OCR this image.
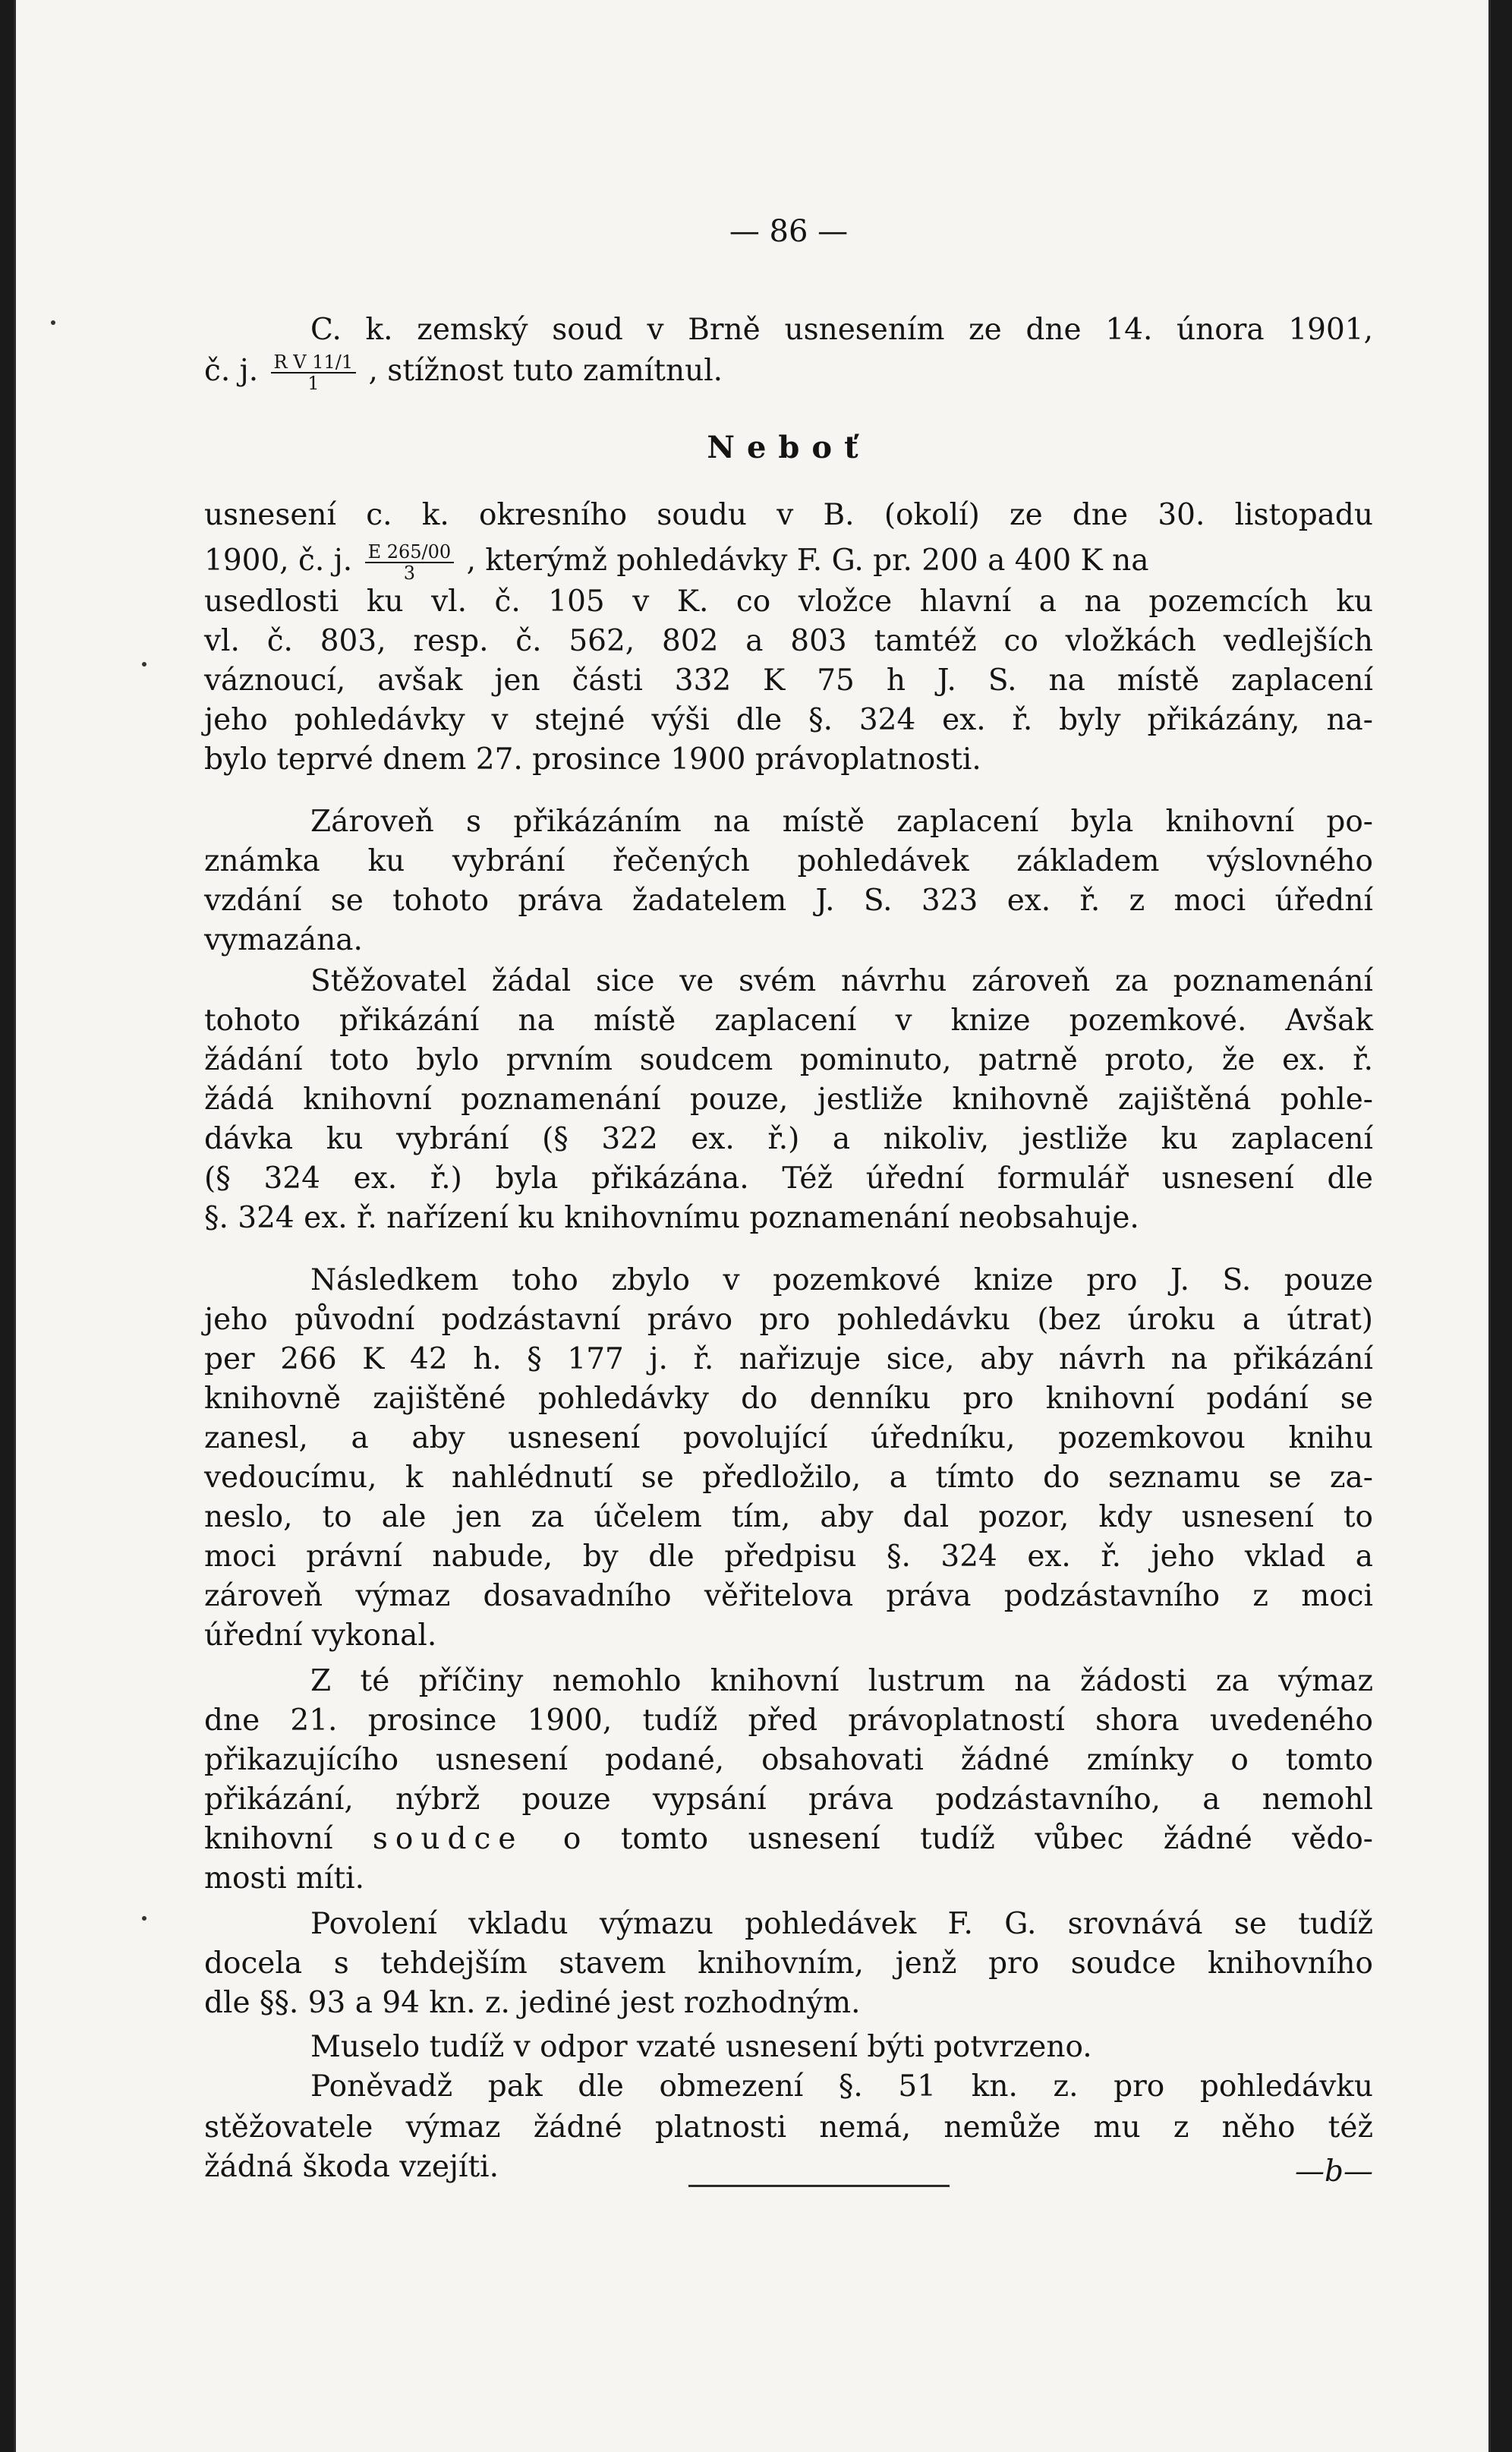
— 86 —
C. k. zemský soud v Brně usnesením ze dne 14. února 1901,
č. j. $\frac{\text{R V 11/1}}{1}$ , stížnost tuto zamítnul.
Neboť
usnesení c. k. okresního soudu v B. (okolí) ze dne 30. listopadu
1900, č. j. $\frac{E 265/00}{3}$ , kterýmž pohledávky F. G. pr. 200 a 400 K na
usedlosti ku vl. č. 105 v K. co vložce hlavní a na pozemcích ku
vl. č. 803, resp. č. 562, 802 a 803 tamtéž co vložkách vedlejších
váznoucí, avšak jen části 332 K 75 h J. S. na místě zaplacení
jeho pohledávky v stejné výši dle §. 324 ex. ř. byly přikázány, na-
bylo teprvé dnem 27. prosince 1900 právoplatnosti.
Zároveň s přikázáním na místě zaplacení byla knihovní po-
známka ku vybrání řečených pohledávek základem výslovného
vzdání se tohoto práva žadatelem J. S. 323 ex. ř. z moci úřední
vymazána.
Stěžovatel žádal sice ve svém návrhu zároveň za poznamenání
tohoto přikázání na místě zaplacení v knize pozemkové. Avšak
žádání toto bylo prvním soudcem pominuto, patrně proto, že ex. ř.
žádá knihovní poznamenání pouze, jestliže knihovně zajištěná pohle-
dávka ku vybrání (§ 322 ex. ř.) a nikoliv, jestliže ku zaplacení
(§ 324 ex. ř.) byla přikázána. Též úřední formulář usnesení dle
§. 324 ex. ř. nařízení ku knihovnímu poznamenání neobsahuje.
Následkem toho zbylo v pozemkové knize pro J. S. pouze
jeho původní podzástavní právo pro pohledávku (bez úroku a útrat)
per 266 K 42 h. § 177 j. ř. nařizuje sice, aby návrh na přikázání
knihovně zajištěné pohledávky do denníku pro knihovní podání se
zanesl, a aby usnesení povolující úředníku, pozemkovou knihu
vedoucímu, k nahlédnutí se předložilo, a tímto do seznamu se za-
neslo, to ale jen za účelem tím, aby dal pozor, kdy usnesení to
moci právní nabude, by dle předpisu §. 324 ex. ř. jeho vklad a
zároveň výmaz dosavadního věřitelova práva podzástavního z moci
úřední vykonal.
Z té příčiny nemohlo knihovní lustrum na žádosti za výmaz
dne 21. prosince 1900, tudíž před právoplatností shora uvedeného
přikazujícího usnesení podané, obsahovati žádné zmínky o tomto
přikázání, nýbrž pouze vypsání práva podzástavního, a nemohl
knihovní soudce o tomto usnesení tudíž vůbec žádné vědo-
mosti míti.
Povolení vkladu výmazu pohledávek F. G. srovnává se tudíž
docela s tehdejším stavem knihovním, jenž pro soudce knihovního
dle §§. 93 a 94 kn. z. jediné jest rozhodným.
Muselo tudíž v odpor vzaté usnesení býti potvrzeno.
Poněvadž pak dle obmezení §. 51 kn. z. pro pohledávku
stěžovatele výmaz žádné platnosti nemá, nemůže mu z něho též
žádná škoda vzejíti.	—b—
